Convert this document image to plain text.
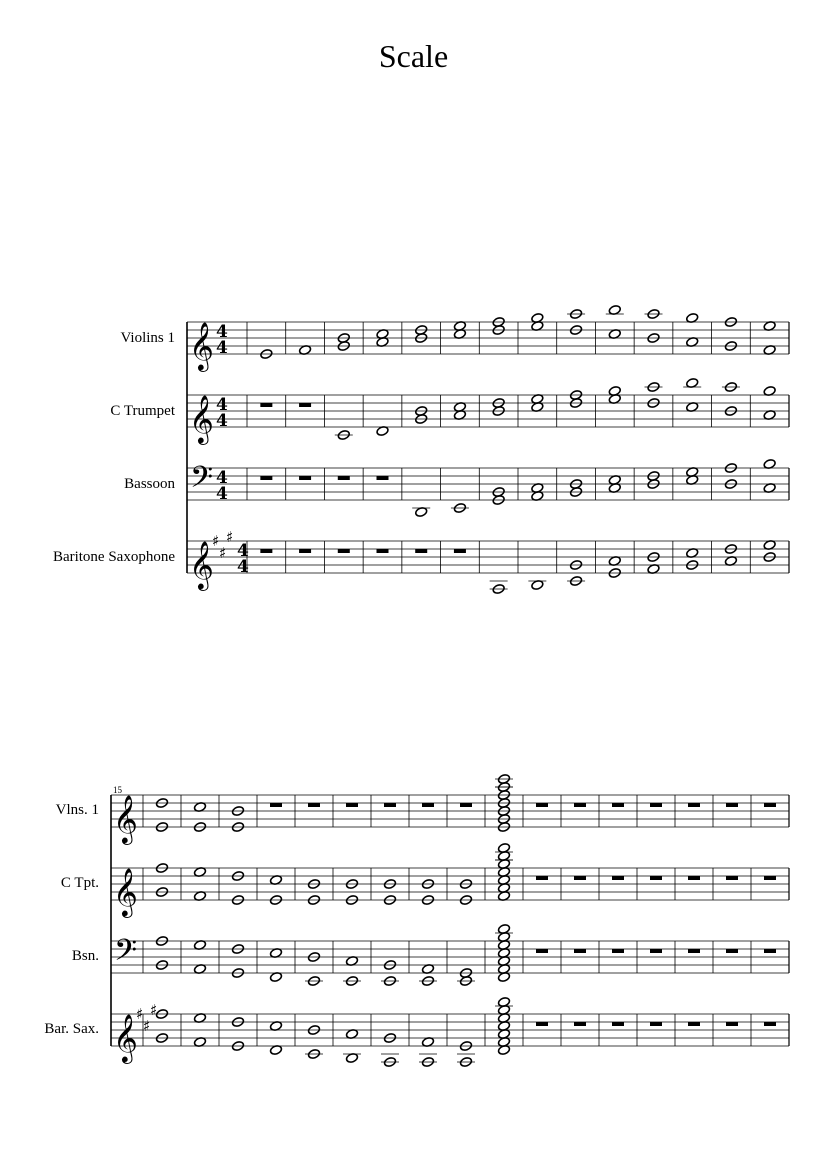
Scale
Violins 1
C Trumpet
Bassoon
Baritone Saxophone
Vlns. 1
C Tpt.
Bsn.
Bar. Sax.
15
𝄞 4
4
𝄞 4
4
𝄢 4
4
𝄞
♯
♯
♯
4
4
𝄞
𝄞
𝄢
𝄞
♯
♯
♯
